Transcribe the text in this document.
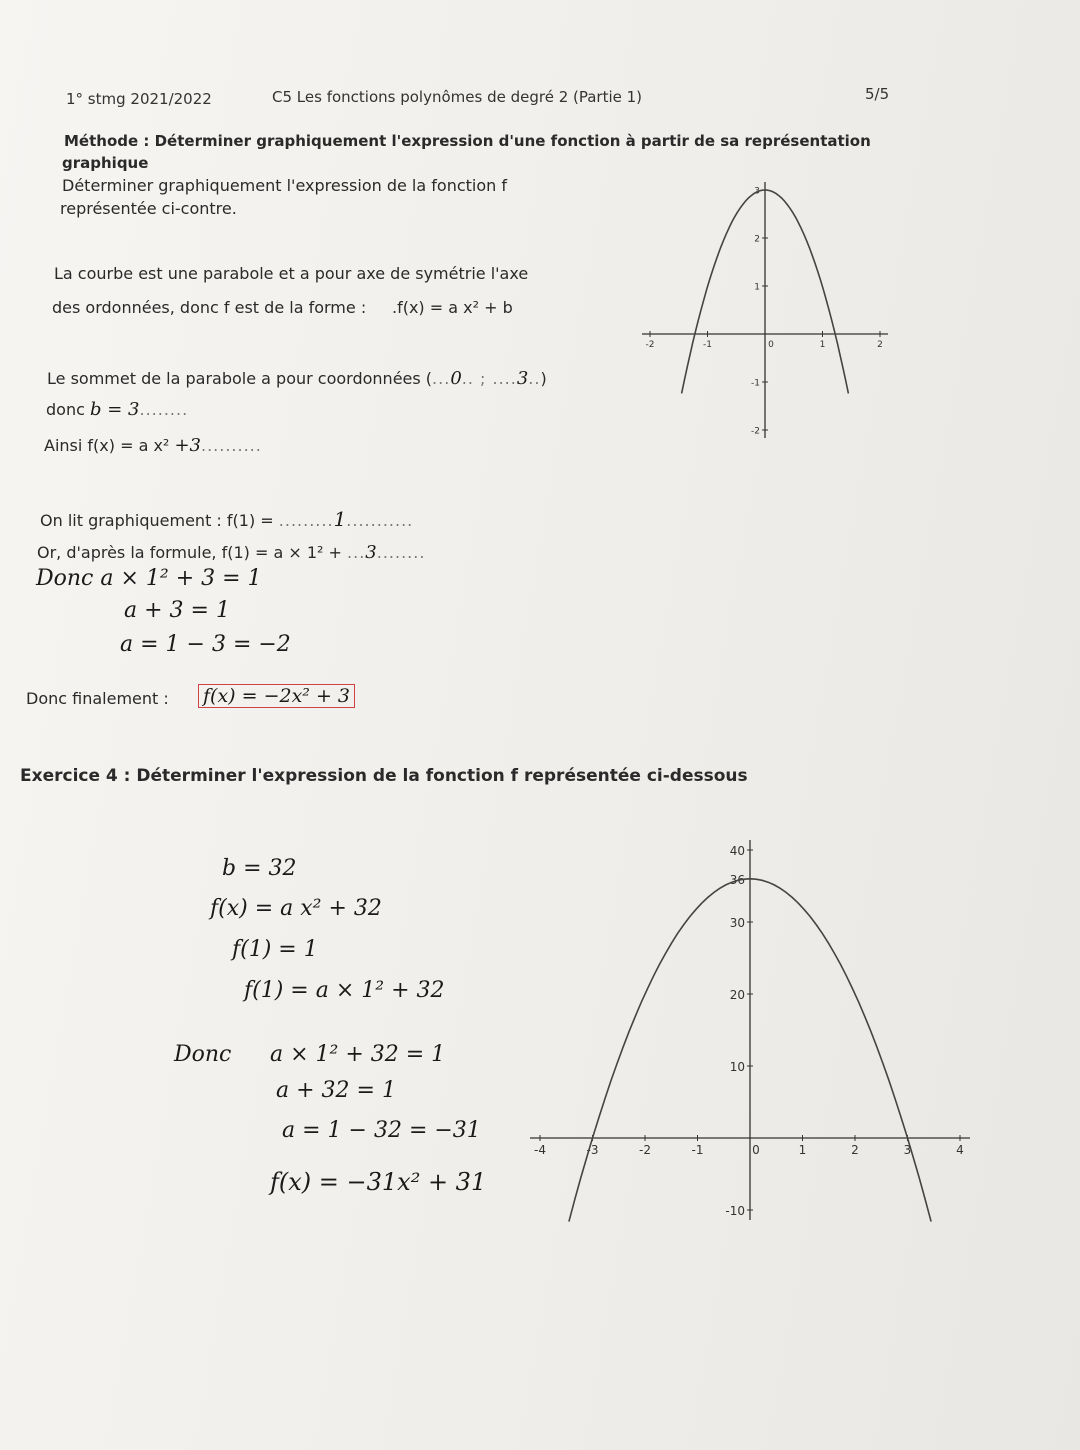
1° stmg 2021/2022	C5 Les fonctions polynômes de degré 2 (Partie 1)	5/5
Méthode : Déterminer graphiquement l'expression d'une fonction à partir de sa représentation
graphique
Déterminer graphiquement l'expression de la fonction f
représentée ci-contre.
La courbe est une parabole et a pour axe de symétrie l'axe
des ordonnées, donc f est de la forme : .f(x) = a x² + b
Le sommet de la parabole a pour coordonnées (...0.. ; ....3..)
donc b = 3........
Ainsi f(x) = a x² +3..........
On lit graphiquement : f(1) = .........1...........
Or, d'après la formule, f(1) = a × 1² + ...3........
Donc a × 1² + 3 = 1
a + 3 = 1
a = 1 − 3 = −2
Donc finalement : f(x) = −2x² + 3
-2	-1	0	1	2
3
2
1
-1
-2
Exercice 4 : Déterminer l'expression de la fonction f représentée ci-dessous
b = 32
f(x) = a x² + 32
f(1) = 1
f(1) = a × 1² + 32
Donc a × 1² + 32 = 1
a + 32 = 1
a = 1 − 32 = −31
f(x) = −31x² + 31
-4	-3	-2	-1	0	1	2	3	4
40
36
30
20
10
-10
